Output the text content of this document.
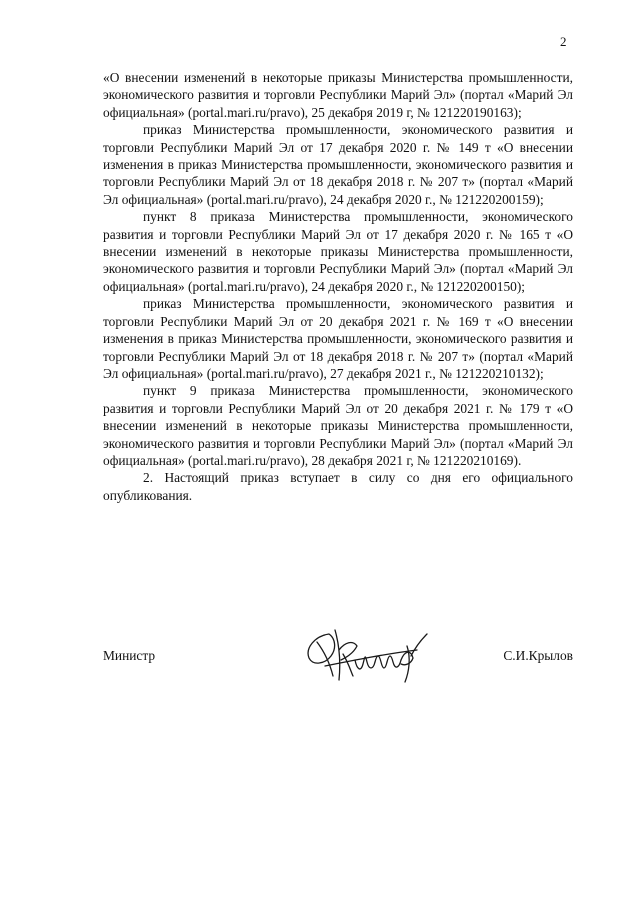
2

«О внесении изменений в некоторые приказы Министерства промышленности, экономического развития и торговли Республики Марий Эл» (портал «Марий Эл официальная» (portal.mari.ru/pravo), 25 декабря 2019 г, № 121220190163);

приказ Министерства промышленности, экономического развития и торговли Республики Марий Эл от 17 декабря 2020 г. № 149 т «О внесении изменения в приказ Министерства промышленности, экономического развития и торговли Республики Марий Эл от 18 декабря 2018 г. № 207 т» (портал «Марий Эл официальная» (portal.mari.ru/pravo), 24 декабря 2020 г., № 121220200159);

пункт 8 приказа Министерства промышленности, экономического развития и торговли Республики Марий Эл от 17 декабря 2020 г. № 165 т «О внесении изменений в некоторые приказы Министерства промышленности, экономического развития и торговли Республики Марий Эл» (портал «Марий Эл официальная» (portal.mari.ru/pravo), 24 декабря 2020 г., № 121220200150);

приказ Министерства промышленности, экономического развития и торговли Республики Марий Эл от 20 декабря 2021 г. № 169 т «О внесении изменения в приказ Министерства промышленности, экономического развития и торговли Республики Марий Эл от 18 декабря 2018 г. № 207 т» (портал «Марий Эл официальная» (portal.mari.ru/pravo), 27 декабря 2021 г., № 121220210132);

пункт 9 приказа Министерства промышленности, экономического развития и торговли Республики Марий Эл от 20 декабря 2021 г. № 179 т «О внесении изменений в некоторые приказы Министерства промышленности, экономического развития и торговли Республики Марий Эл» (портал «Марий Эл официальная» (portal.mari.ru/pravo), 28 декабря 2021 г, № 121220210169).

2. Настоящий приказ вступает в силу со дня его официального опубликования.

Министр	С.И.Крылов
